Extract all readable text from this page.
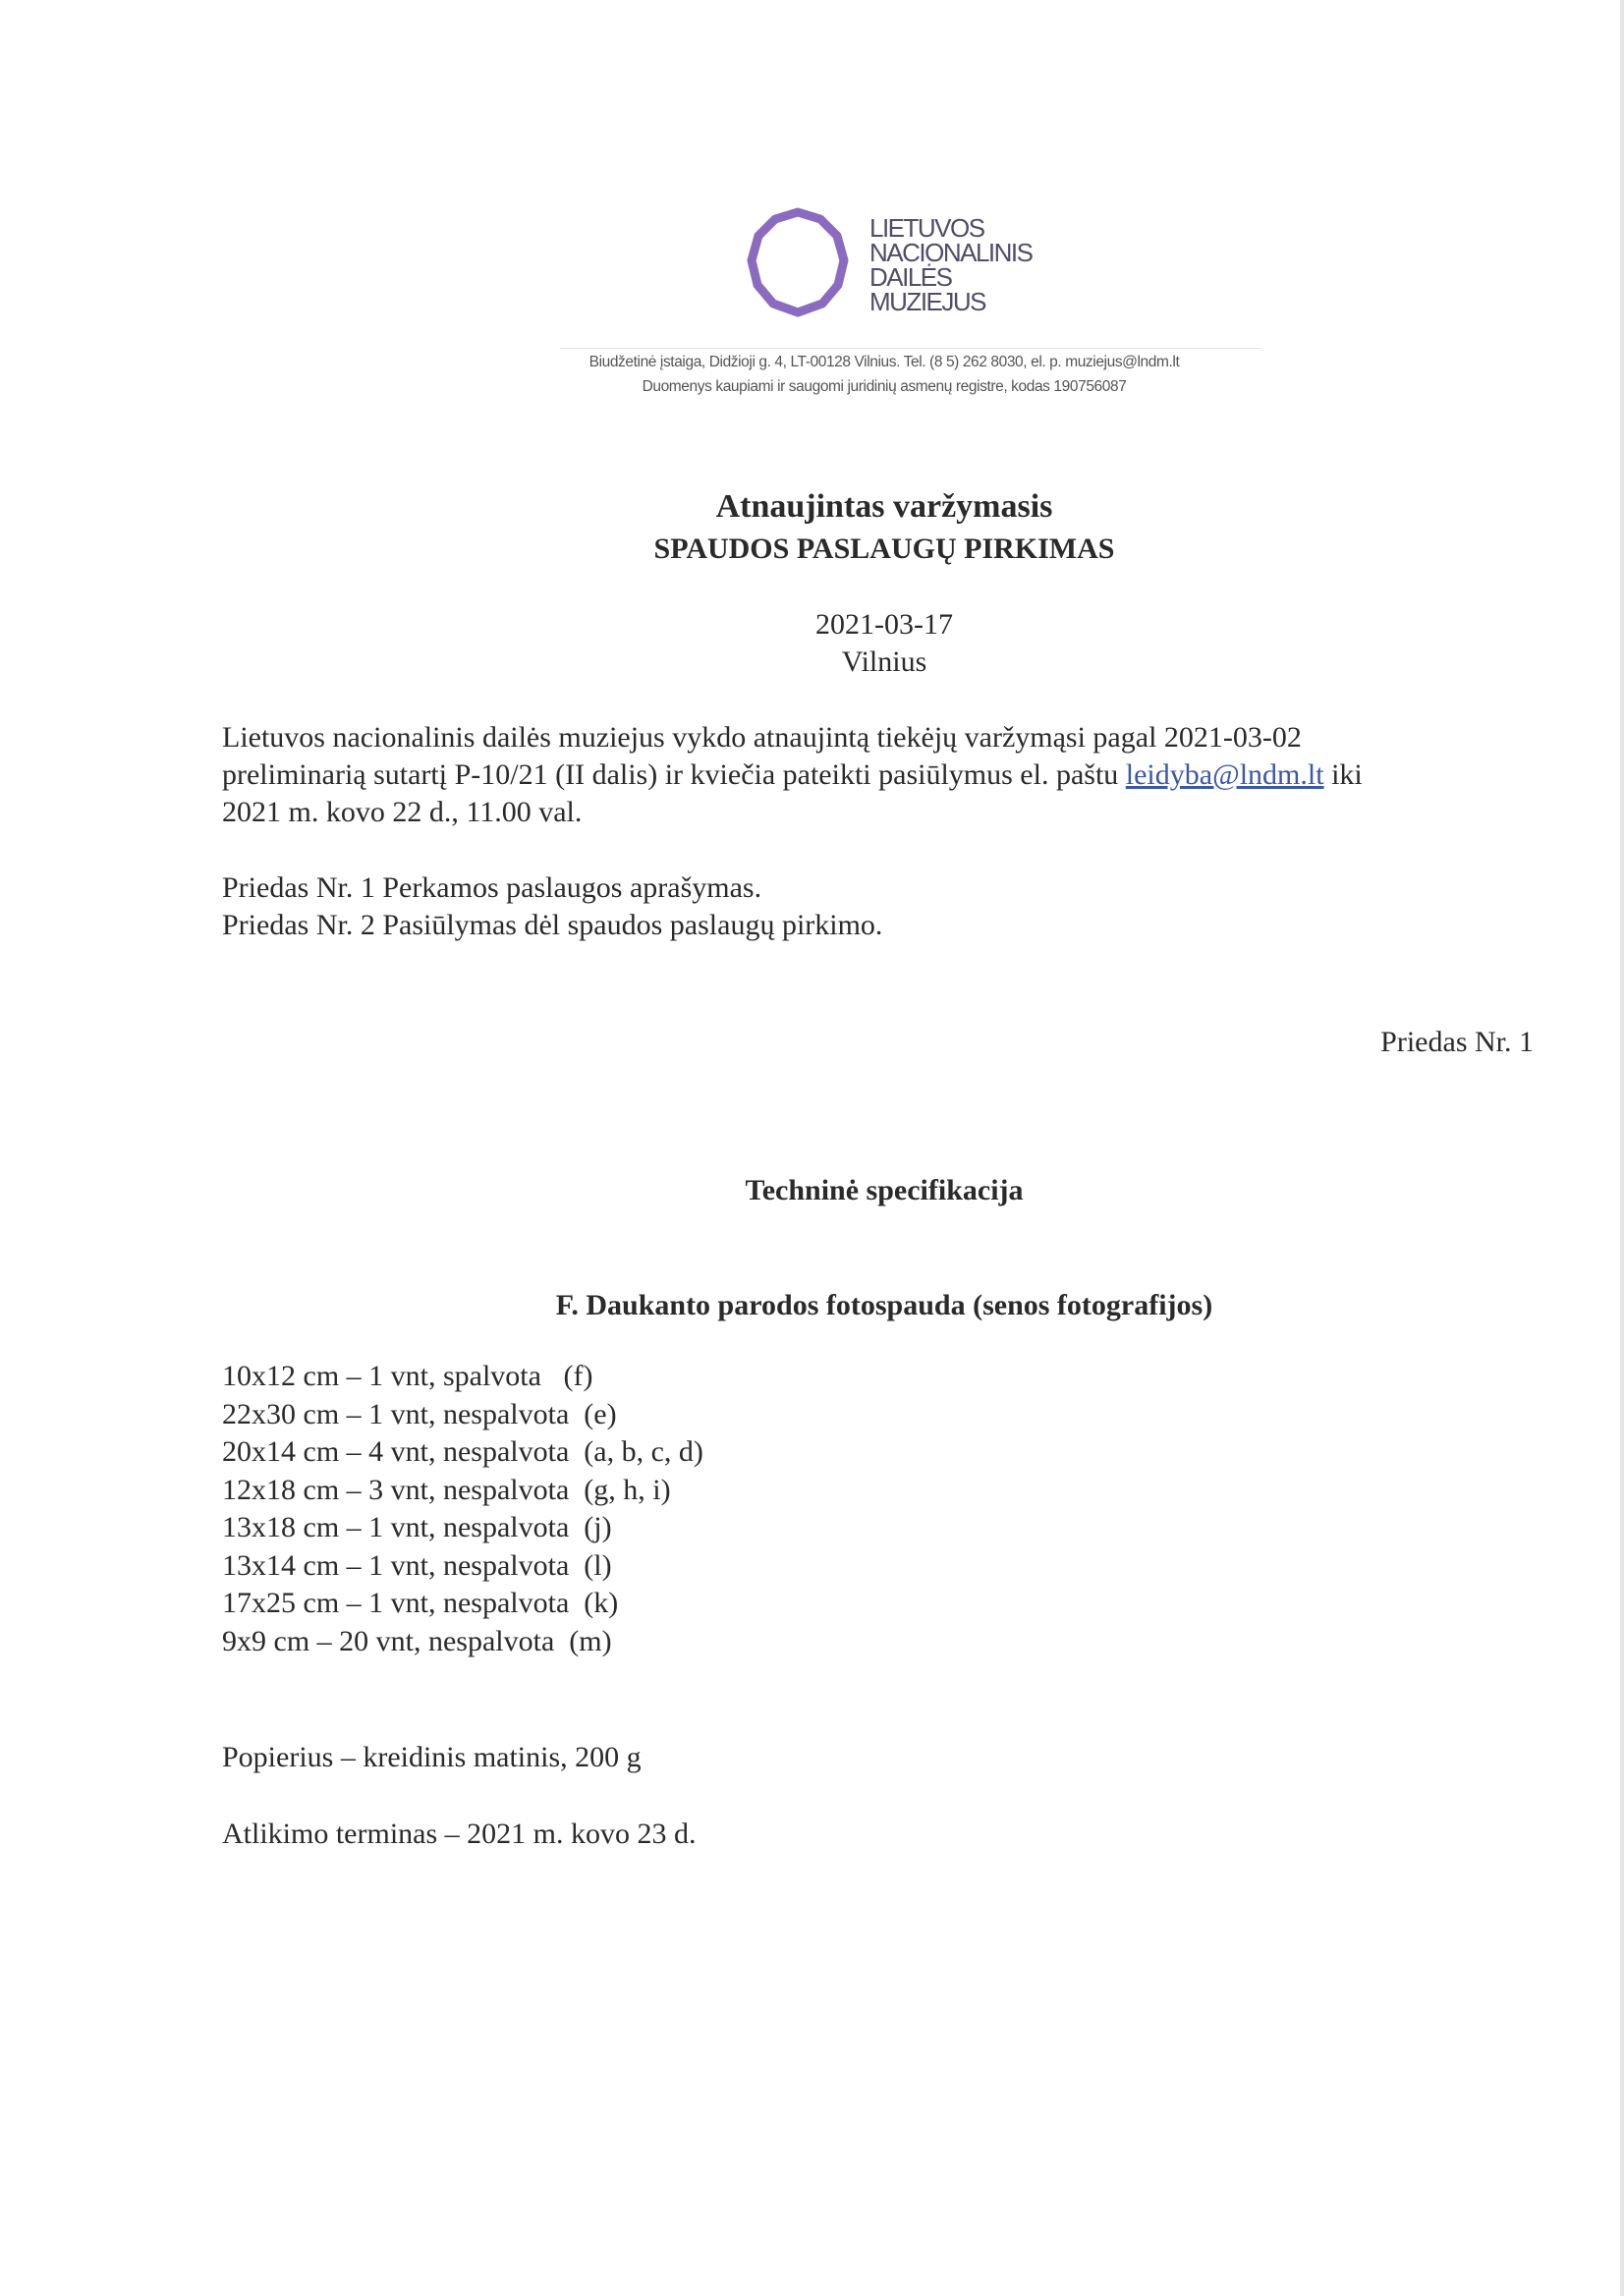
LIETUVOS
NACIONALINIS
DAILĖS
MUZIEJUS
Biudžetinė įstaiga, Didžioji g. 4, LT-00128 Vilnius. Tel. (8 5) 262 8030, el. p. muziejus@lndm.lt
Duomenys kaupiami ir saugomi juridinių asmenų registre, kodas 190756087
Atnaujintas varžymasis
SPAUDOS PASLAUGŲ PIRKIMAS
2021-03-17
Vilnius
Lietuvos nacionalinis dailės muziejus vykdo atnaujintą tiekėjų varžymąsi pagal 2021-03-02
preliminarią sutartį P-10/21 (II dalis) ir kviečia pateikti pasiūlymus el. paštu leidyba@lndm.lt iki
2021 m. kovo 22 d., 11.00 val.
Priedas Nr. 1 Perkamos paslaugos aprašymas.
Priedas Nr. 2 Pasiūlymas dėl spaudos paslaugų pirkimo.
Priedas Nr. 1
Techninė specifikacija
F. Daukanto parodos fotospauda (senos fotografijos)
10x12 cm – 1 vnt, spalvota   (f)
22x30 cm – 1 vnt, nespalvota  (e)
20x14 cm – 4 vnt, nespalvota  (a, b, c, d)
12x18 cm – 3 vnt, nespalvota  (g, h, i)
13x18 cm – 1 vnt, nespalvota  (j)
13x14 cm – 1 vnt, nespalvota  (l)
17x25 cm – 1 vnt, nespalvota  (k)
9x9 cm – 20 vnt, nespalvota  (m)
Popierius – kreidinis matinis, 200 g
Atlikimo terminas – 2021 m. kovo 23 d.
